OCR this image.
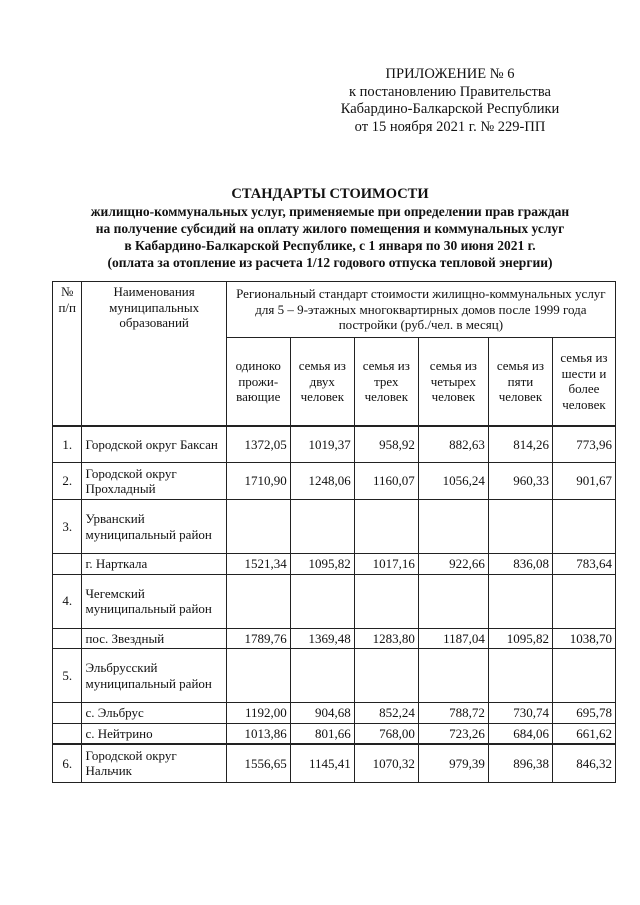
ПРИЛОЖЕНИЕ № 6
к постановлению Правительства
Кабардино-Балкарской Республики
от 15 ноября 2021 г. № 229-ПП
СТАНДАРТЫ СТОИМОСТИ
жилищно-коммунальных услуг, применяемые при определении прав граждан
на получение субсидий на оплату жилого помещения и коммунальных услуг
в Кабардино-Балкарской Республике, с 1 января по 30 июня 2021 г.
(оплата за отопление из расчета 1/12 годового отпуска тепловой энергии)
№ п/п	Наименования муниципальных образований	Региональный стандарт стоимости жилищно-коммунальных услуг для 5 – 9-этажных многоквартирных домов после 1999 года постройки (руб./чел. в месяц)					
		одиноко прожи-вающие	семья из двух человек	семья из трех человек	семья из четырех человек	семья из пяти человек	семья из шести и более человек
1.	Городской округ Баксан	1372,05	1019,37	958,92	882,63	814,26	773,96
2.	Городской округ Прохладный	1710,90	1248,06	1160,07	1056,24	960,33	901,67
3.	Урванский муниципальный район						
	г. Нарткала	1521,34	1095,82	1017,16	922,66	836,08	783,64
4.	Чегемский муниципальный район						
	пос. Звездный	1789,76	1369,48	1283,80	1187,04	1095,82	1038,70
5.	Эльбрусский муниципальный район						
	с. Эльбрус	1192,00	904,68	852,24	788,72	730,74	695,78
	с. Нейтрино	1013,86	801,66	768,00	723,26	684,06	661,62
6.	Городской округ Нальчик	1556,65	1145,41	1070,32	979,39	896,38	846,32
